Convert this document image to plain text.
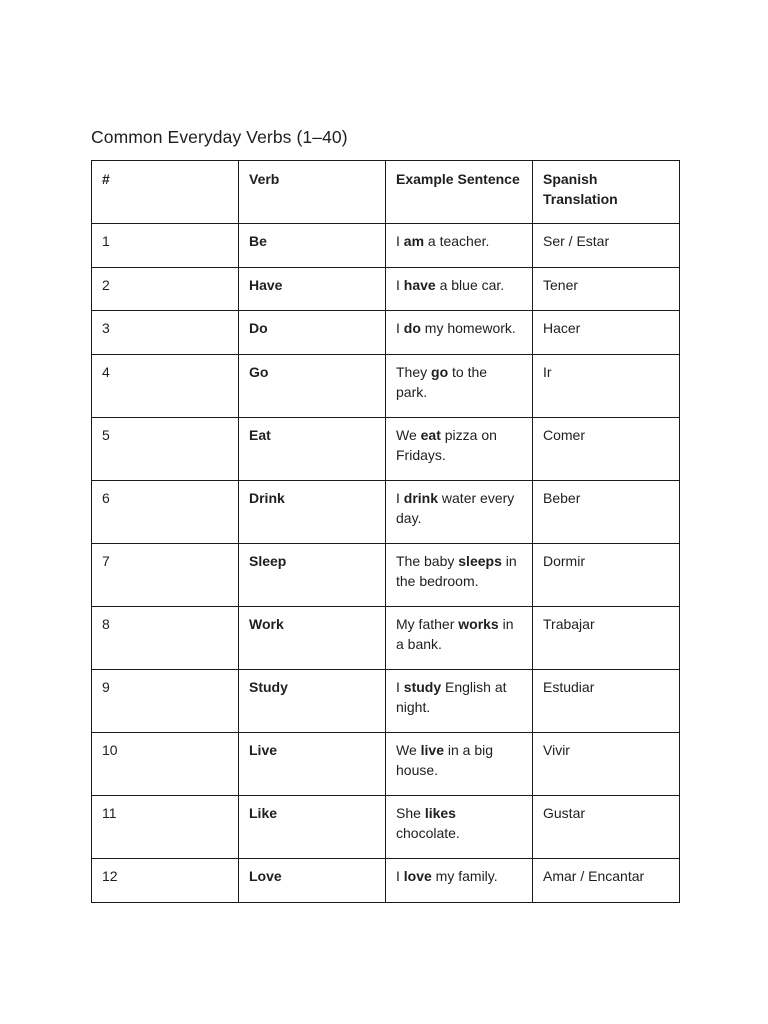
Common Everyday Verbs (1–40)
#	Verb	Example Sentence	Spanish Translation
1	Be	I am a teacher.	Ser / Estar
2	Have	I have a blue car.	Tener
3	Do	I do my homework.	Hacer
4	Go	They go to the park.	Ir
5	Eat	We eat pizza on Fridays.	Comer
6	Drink	I drink water every day.	Beber
7	Sleep	The baby sleeps in the bedroom.	Dormir
8	Work	My father works in a bank.	Trabajar
9	Study	I study English at night.	Estudiar
10	Live	We live in a big house.	Vivir
11	Like	She likes chocolate.	Gustar
12	Love	I love my family.	Amar / Encantar
